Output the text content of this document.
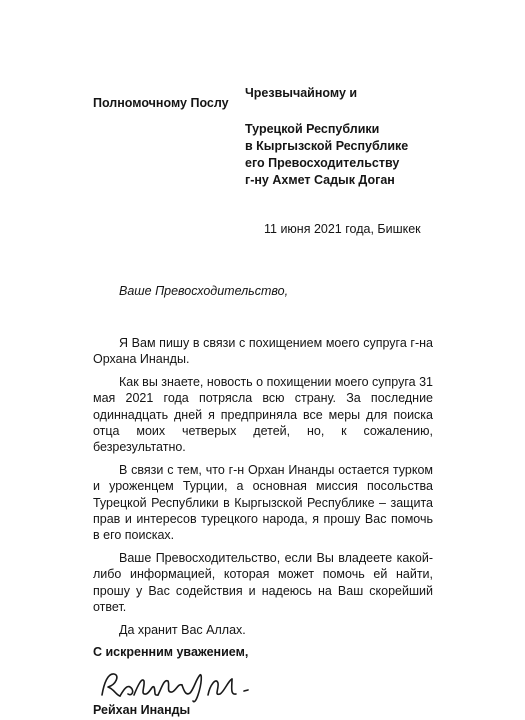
Чрезвычайному и
Турецкой Республики
в Кыргызской Республике
его Превосходительству
г-ну Ахмет Садык Доган
Полномочному Послу
11 июня 2021 года, Бишкек
Ваше Превосходительство,

Я Вам пишу в связи с похищением моего супруга г-на Орхана Инанды.

Как вы знаете, новость о похищении моего супруга 31 мая 2021 года потрясла всю страну. За последние одиннадцать дней я предприняла все меры для поиска отца моих четверых детей, но, к сожалению, безрезультатно.

В связи с тем, что г-н Орхан Инанды остается турком и уроженцем Турции, а основная миссия посольства Турецкой Республики в Кыргызской Республике – защита прав и интересов турецкого народа, я прошу Вас помочь в его поисках.

Ваше Превосходительство, если Вы владеете какой-либо информацией, которая может помочь ей найти, прошу у Вас содействия и надеюсь на Ваш скорейший ответ.

Да хранит Вас Аллах.

С искренним уважением,
Рейхан Инанды
